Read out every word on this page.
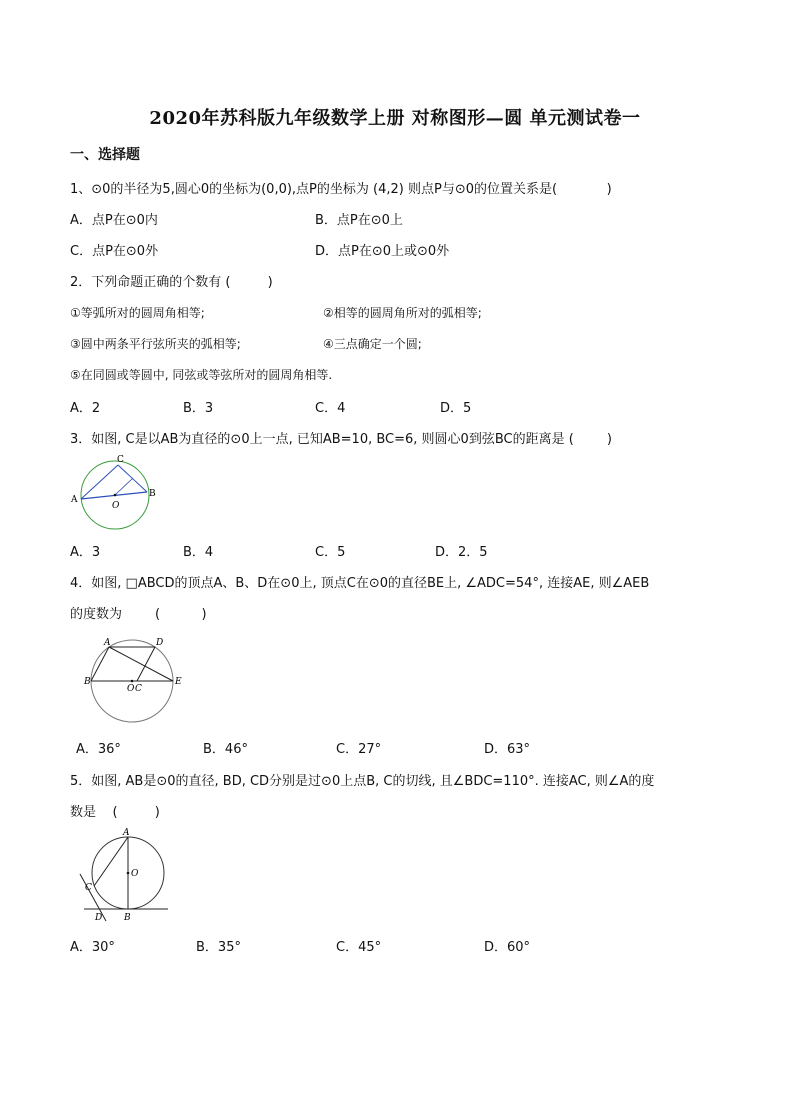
2020年苏科版九年级数学上册 对称图形—圆 单元测试卷一
一、选择题
1、⊙0的半径为5,圆心0的坐标为(0,0),点P的坐标为 (4,2) 则点P与⊙0的位置关系是(            )
A．点P在⊙0内	B．点P在⊙0上
C．点P在⊙0外	D．点P在⊙0上或⊙0外
2．下列命题正确的个数有 (         )
①等弧所对的圆周角相等;	②相等的圆周角所对的弧相等;
③圆中两条平行弦所夹的弧相等;	④三点确定一个圆;
⑤在同圆或等圆中, 同弦或等弦所对的圆周角相等.
A．2	B．3	C．4	D．5
3．如图, C是以AB为直径的⊙0上一点, 已知AB=10, BC=6, 则圆心0到弦BC的距离是 (        )
A
B
C
O
A．3	B．4	C．5	D．2．5
4．如图, □ABCD的顶点A、B、D在⊙0上, 顶点C在⊙0的直径BE上, ∠ADC=54°, 连接AE, 则∠AEB
的度数为        (          )
A	D
B
O C
E
A．36°	B．46°	C．27°	D．63°
5．如图, AB是⊙0的直径, BD, CD分别是过⊙0上点B, C的切线, 且∠BDC=110°. 连接AC, 则∠A的度
数是    (         )
A
O
C
D B
A．30°	B．35°	C．45°	D．60°
